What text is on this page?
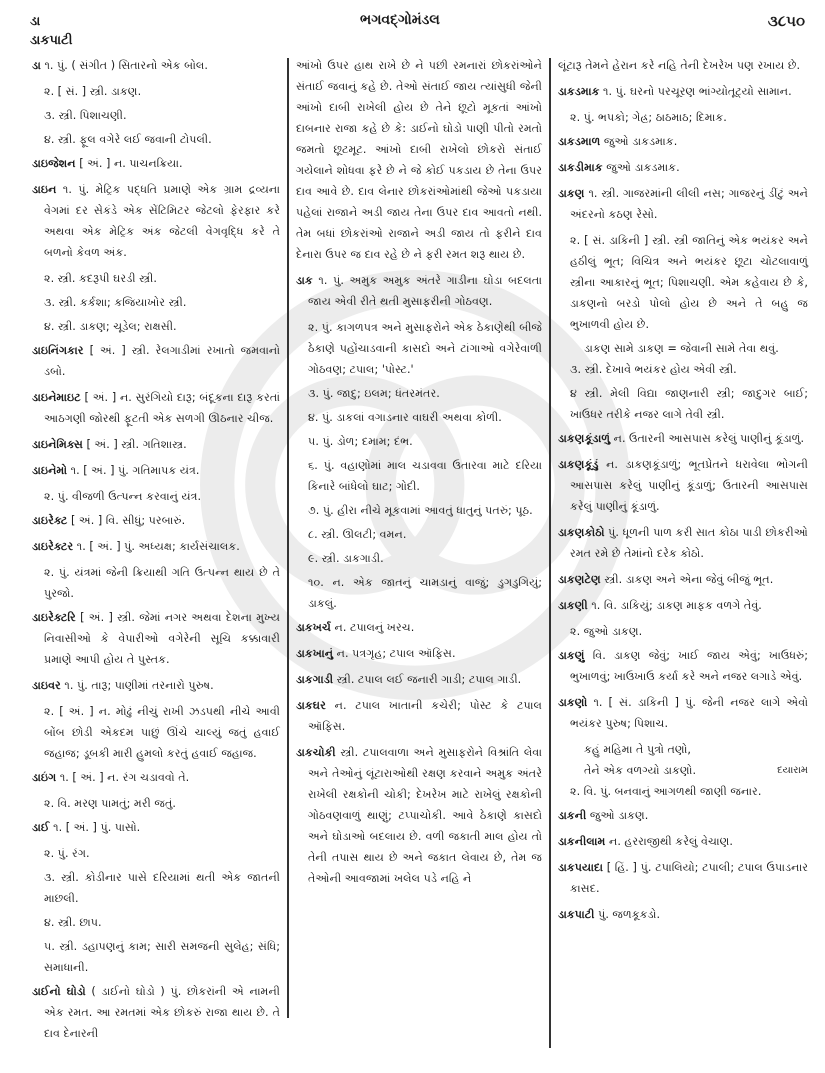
ડા	ભગવદ્ગોમંડલ	૩૮૫૦
ડાકપાટી

ડા ૧. પું. ( સંગીત ) સિતારનો એક બોલ.

૨. [ સં. ] સ્ત્રી. ડાકણ.

૩. સ્ત્રી. પિશાચણી.

૪. સ્ત્રી. ફૂલ વગેરે લઈ જવાની ટોપલી.

ડાઇજેશન [ અં. ] ન. પાચનક્રિયા.

ડાઇન ૧. પું. મેટ્રિક પદ્ધતિ પ્રમાણે એક ગ્રામ દ્રવ્યના વેગમાં દર સેકંડે એક સેંટિમિટર જેટલો ફેરફાર કરે અથવા એક મેટ્રિક અંક જેટલી વેગવૃદ્ધિ કરે તે બળનો કેવળ અંક.

૨. સ્ત્રી. કદરૂપી ઘરડી સ્ત્રી.

૩. સ્ત્રી. કર્કશા; કજિયાખોર સ્ત્રી.

૪. સ્ત્રી. ડાકણ; ચૂડેલ; રાક્ષસી.

ડાઇનિંગકાર [ અં. ] સ્ત્રી. રેલગાડીમાં રખાતો જમવાનો ડબો.

ડાઇનેમાઇટ [ અં. ] ન. સુરંગિયો દારૂ; બંદૂકના દારૂ કરતાં આઠગણી જોરથી ફૂટતી એક સળગી ઊઠનાર ચીજ.

ડાઇનેમિક્સ [ અં. ] સ્ત્રી. ગતિશાસ્ત્ર.

ડાઇનેમો ૧. [ અં. ] પું. ગતિમાપક યંત્ર.

૨. પું. વીજળી ઉત્પન્ન કરવાનું યંત્ર.

ડાઇરેક્ટ [ અં. ] વિ. સીધું; પરબારું.

ડાઇરેક્ટર ૧. [ અં. ] પું. અધ્યક્ષ; કાર્યસંચાલક.

૨. પું. યંત્રમાં જેની ક્રિયાથી ગતિ ઉત્પન્ન થાય છે તે પુરજો.

ડાઇરેક્ટરિ [ અં. ] સ્ત્રી. જેમાં નગર અથવા દેશના મુખ્ય નિવાસીઓ કે વેપારીઓ વગેરેની સૂચિ કક્કાવારી પ્રમાણે આપી હોય તે પુસ્તક.

ડાઇવર ૧. પું. તારૂ; પાણીમાં તરનારો પુરુષ.

૨. [ અં. ] ન. મોઢું નીચું રાખી ઝડપથી નીચે આવી બોંબ છોડી એકદમ પાછું ઊંચે ચાલ્યું જતું હવાઈ જહાજ; ડૂબકી મારી હુમલો કરતું હવાઈ જહાજ.

ડાઇંગ ૧. [ અં. ] ન. રંગ ચડાવવો તે.

૨. વિ. મરણ પામતું; મરી જતું.

ડાઈ ૧. [ અં. ] પું. પાસો.

૨. પું. રંગ.

૩. સ્ત્રી. કોડીનાર પાસે દરિયામાં થતી એક જાતની માછલી.

૪. સ્ત્રી. છાપ.

૫. સ્ત્રી. ડહાપણનું કામ; સારી સમજની સુલેહ; સંધિ; સમાધાની.

ડાઈનો ઘોડો ( ડાઈનો ઘોડો ) પું. છોકરાંની એ નામની એક રમત. આ રમતમાં એક છોકરું રાજા થાય છે. તે દાવ દેનારની

આંખો ઉપર હાથ રાખે છે ને પછી રમનારાં છોકરાંઓને સંતાઈ જવાનું કહે છે. તેઓ સંતાઈ જાય ત્યાંસુધી જેની આંખો દાબી રાખેલી હોય છે તેને છૂટો મૂકતાં આંખો દાબનાર રાજા કહે છે કે: ડાઈનો ઘોડો પાણી પીતો રમતો જમતો છૂટમૂટ. આંખો દાબી રાખેલો છોકરો સંતાઈ ગયેલાને શોધવા ફરે છે ને જે કોઈ પકડાય છે તેના ઉપર દાવ આવે છે. દાવ લેનાર છોકરાંઓમાંથી જેઓ પકડાયા પહેલાં રાજાને અડી જાય તેના ઉપર દાવ આવતો નથી. તેમ બધાં છોકરાંઓ રાજાને અડી જાય તો ફરીને દાવ દેનારા ઉપર જ દાવ રહે છે ને ફરી રમત શરૂ થાય છે.

ડાક ૧. પું. અમુક અમુક અંતરે ગાડીના ઘોડા બદલતા જાય એવી રીતે થતી મુસાફરીની ગોઠવણ.

૨. પું. કાગળપત્ર અને મુસાફરોને એક ઠેકાણેથી બીજે ઠેકાણે પહોંચાડવાની કાસદો અને ટાંગાઓ વગેરેવાળી ગોઠવણ; ટપાલ; 'પોસ્ટ.'

૩. પું. જાદુ; ઇલમ; ધંતરમંતર.

૪. પું. ડાકલાં વગાડનાર વાઘરી અથવા કોળી.

૫. પું. ડોળ; દમામ; દંભ.

૬. પું. વહાણોમાં માલ ચડાવવા ઉતારવા માટે દરિયા કિનારે બાંધેલો ઘાટ; ગોદી.

૭. પું. હીરા નીચે મૂકવામાં આવતું ધાતુનું પતરું; પૂઠ.

૮. સ્ત્રી. ઊલટી; વમન.

૯. સ્ત્રી. ડાકગાડી.

૧૦. ન. એક જાતનું ચામડાનું વાજું; ડુગડુગિયું; ડાકલું.

ડાકખર્ચ ન. ટપાલનું ખરચ.

ડાકખાનું ન. પત્રગૃહ; ટપાલ ઑફિસ.

ડાકગાડી સ્ત્રી. ટપાલ લઈ જનારી ગાડી; ટપાલ ગાડી.

ડાકઘર ન. ટપાલ ખાતાની કચેરી; પોસ્ટ કે ટપાલ ઑફિસ.

ડાકચોકી સ્ત્રી. ટપાલવાળા અને મુસાફરોને વિશ્રાંતિ લેવા અને તેઓનું લૂંટારાઓથી રક્ષણ કરવાને અમુક અંતરે રાખેલી રક્ષકોની ચોકી; દેખરેખ માટે રાખેલું રક્ષકોની ગોઠવણવાળું થાણું; ટપ્પાચોકી. આવે ઠેકાણે કાસદો અને ઘોડાઓ બદલાય છે. વળી જકાતી માલ હોય તો તેની તપાસ થાય છે અને જકાત લેવાય છે, તેમ જ તેઓની આવજામાં ખલેલ પડે નહિ ને

લૂંટારૂ તેમને હેરાન કરે નહિ તેની દેખરેખ પણ રખાય છે.

ડાકડમાક ૧. પું. ઘરનો પરચૂરણ ભાંગ્યોતૂટ્યો સામાન.

૨. પું. ભપકો; ગેહ્ર; ઠાઠમાઠ; દિમાક.

ડાકડમાળ જુઓ ડાકડમાક.

ડાકડીમાક જુઓ ડાકડમાક.

ડાકણ ૧. સ્ત્રી. ગાજરમાંની લીલી નસ; ગાજરનું ડીંટું અને અંદરનો કઠણ રેસો.

૨. [ સં. ડાકિની ] સ્ત્રી. સ્ત્રી જાતિનું એક ભયંકર અને હઠીલું ભૂત; વિચિત્ર અને ભયંકર છૂટા ચોટલાવાળું સ્ત્રીના આકારનું ભૂત; પિશાચણી. એમ કહેવાય છે કે, ડાકણનો બરડો પોલો હોય છે અને તે બહુ જ ભુખાળવી હોય છે.

ડાકણ સામે ડાકણ = જેવાની સામે તેવા થવું.

૩. સ્ત્રી. દેખાવે ભયંકર હોય એવી સ્ત્રી.

૪ સ્ત્રી. મેલી વિદ્યા જાણનારી સ્ત્રી; જાદુગર બાઈ; ખાઉધર તરીકે નજર લાગે તેવી સ્ત્રી.

ડાકણકૂંડાળું ન. ઉતારની આસપાસ કરેલું પાણીનું કૂંડાળું.

ડાકણકૂંડું ન. ડાકણકૂંડાળું; ભૂતપ્રેતને ધરાવેલા ભોગની આસપાસ કરેલું પાણીનું કૂંડાળું; ઉતારની આસપાસ કરેલું પાણીનું કૂંડાળું.

ડાકણકોઠો પું. ધૂળની પાળ કરી સાત કોઠા પાડી છોકરીઓ રમત રમે છે તેમાંનો દરેક કોઠો.

ડાકણટેણ સ્ત્રી. ડાકણ અને એના જેવું બીજું ભૂત.

ડાકણી ૧. વિ. ડાકિયું; ડાકણ માફક વળગે તેવું.

૨. જુઓ ડાકણ.

ડાકણું વિ. ડાકણ જેવું; ખાઈ જાય એવું; ખાઉધરું; ભુખાળવું; ખાઉખાઉ કર્યા કરે અને નજર લગાડે એવું.

ડાકણો ૧. [ સં. ડાકિની ] પું. જેની નજર લાગે એવો ભયંકર પુરુષ; પિશાચ.

કહું મહિમા તે પુત્રો તણો,

દયારામ
તેને એક વળગ્યો ડાકણો.

૨. વિ. પું. બનવાનું આગળથી જાણી જનાર.

ડાકની જુઓ ડાકણ.

ડાકનીલામ ન. હરરાજીથી કરેલું વેચાણ.

ડાકપયાદા [ હિં. ] પું. ટપાલિયો; ટપાલી; ટપાલ ઉપાડનાર કાસદ.

ડાકપાટી પું. જળકૂકડો.
